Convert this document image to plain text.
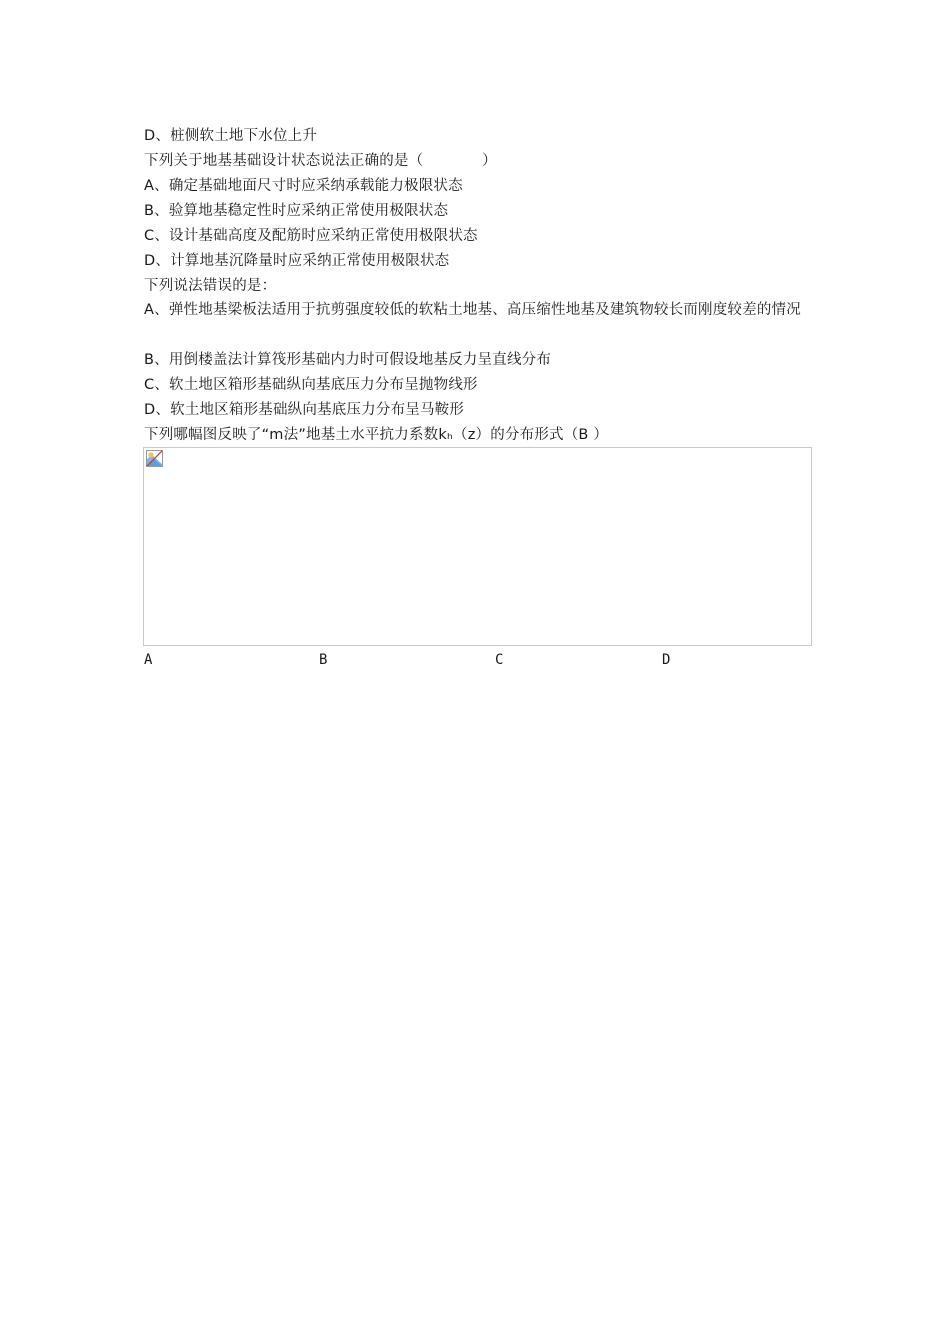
D、桩侧软土地下水位上升
下列关于地基基础设计状态说法正确的是（　　　　）
A、确定基础地面尺寸时应采纳承载能力极限状态
B、验算地基稳定性时应采纳正常使用极限状态
C、设计基础高度及配筋时应采纳正常使用极限状态
D、计算地基沉降量时应采纳正常使用极限状态
下列说法错误的是：
A、弹性地基梁板法适用于抗剪强度较低的软粘土地基、高压缩性地基及建筑物较长而刚度较差的情况
B、用倒楼盖法计算筏形基础内力时可假设地基反力呈直线分布
C、软土地区箱形基础纵向基底压力分布呈抛物线形
D、软土地区箱形基础纵向基底压力分布呈马鞍形
下列哪幅图反映了“m法”地基土水平抗力系数kₕ（z）的分布形式（B ）
A	B	C	D
